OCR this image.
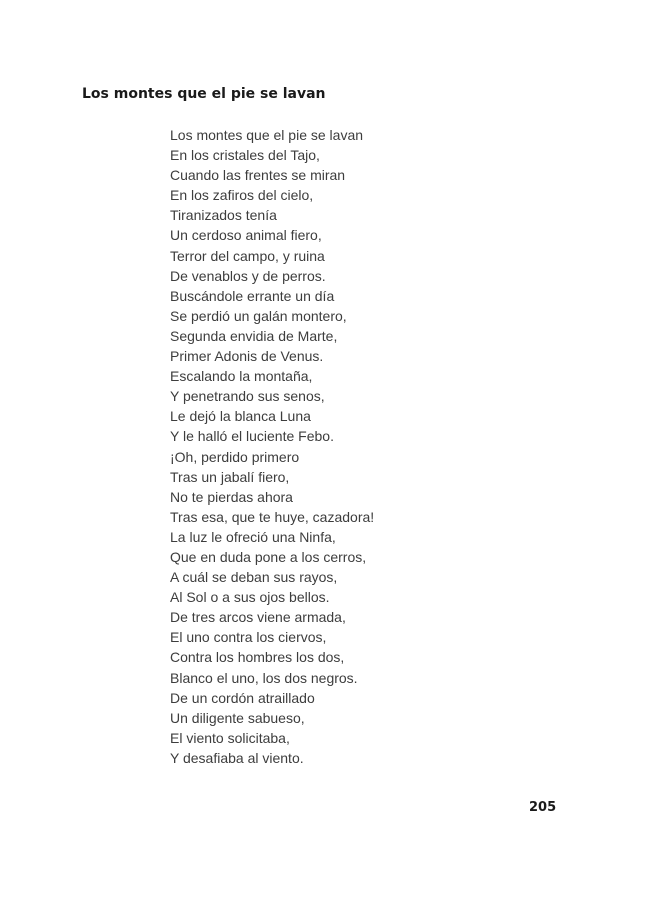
Los montes que el pie se lavan
Los montes que el pie se lavan
En los cristales del Tajo,
Cuando las frentes se miran
En los zafiros del cielo,
Tiranizados tenía
Un cerdoso animal fiero,
Terror del campo, y ruina
De venablos y de perros.
Buscándole errante un día
Se perdió un galán montero,
Segunda envidia de Marte,
Primer Adonis de Venus.
Escalando la montaña,
Y penetrando sus senos,
Le dejó la blanca Luna
Y le halló el luciente Febo.
¡Oh, perdido primero
Tras un jabalí fiero,
No te pierdas ahora
Tras esa, que te huye, cazadora!
La luz le ofreció una Ninfa,
Que en duda pone a los cerros,
A cuál se deban sus rayos,
Al Sol o a sus ojos bellos.
De tres arcos viene armada,
El uno contra los ciervos,
Contra los hombres los dos,
Blanco el uno, los dos negros.
De un cordón atraillado
Un diligente sabueso,
El viento solicitaba,
Y desafiaba al viento.
205
